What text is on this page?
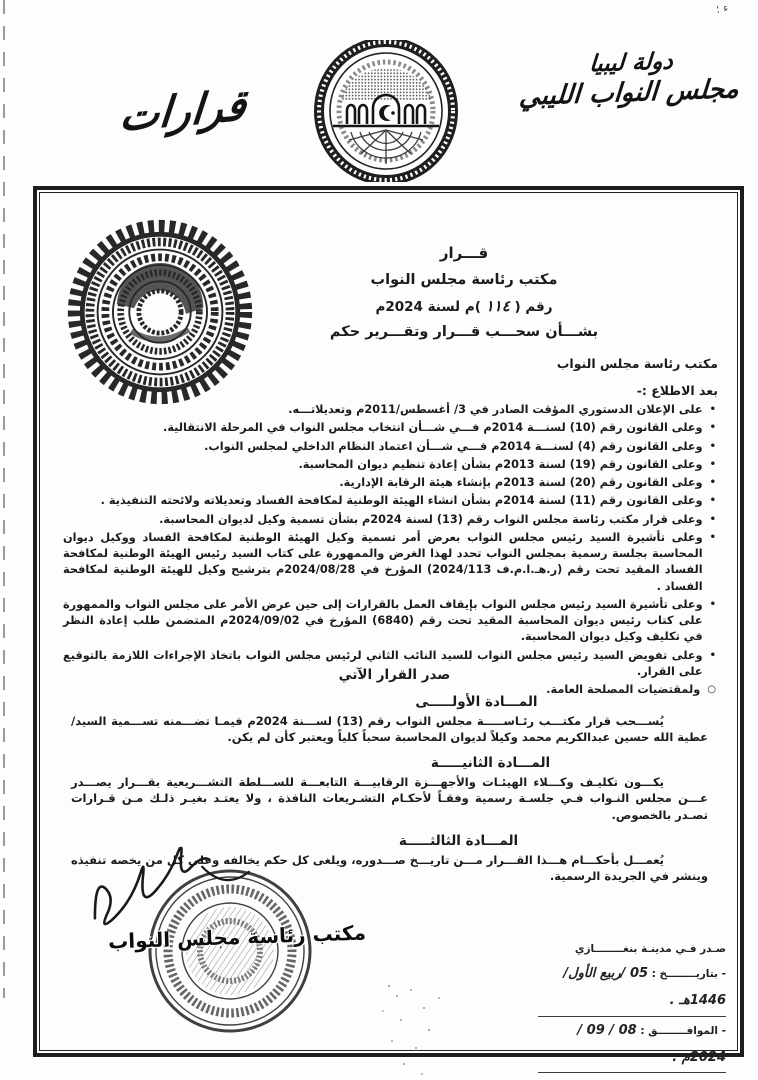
ء ؛
قرارات
دولة ليبيا
مجلس النواب الليبي
قـــرار
مكتب رئاسة مجلس النواب
رقم ( ١١٤ )م لسنة 2024م
بشـــأن سحـــب قـــرار وتقـــرير حكم
مكتب رئاسة مجلس النواب
بعد الاطلاع :-
•
على الإعلان الدستوري المؤقت الصادر في 3/ أغسطس/2011م وتعديلاتـــه.
•
وعلى القانون رقم (10) لسنـــة 2014م فـــي شـــأن انتخاب مجلس النواب في المرحلة الانتقالية.
•
وعلى القانون رقم (4) لسنـــة 2014م فـــي شـــأن اعتماد النظام الداخلي لمجلس النواب.
•
وعلى القانون رقم (19) لسنة 2013م بشأن إعادة تنظيم ديوان المحاسبة.
•
وعلى القانون رقم (20) لسنة 2013م بإنشاء هيئة الرقابة الإدارية.
•
وعلى القانون رقم (11) لسنة 2014م بشأن انشاء الهيئة الوطنية لمكافحة الفساد وتعديلاته ولائحته التنفيذية .
•
وعلى قرار مكتب رئاسة مجلس النواب رقم (13) لسنة 2024م بشأن تسمية وكيل لديوان المحاسبة.
•
وعلى تأشيرة السيد رئيس مجلس النواب بعرض أمر تسمية وكيل الهيئة الوطنية لمكافحة الفساد ووكيل ديوان المحاسبة بجلسة رسمية بمجلس النواب تحدد لهذا الغرض والممهورة على كتاب السيد رئيس الهيئة الوطنية لمكافحة الفساد المقيد تحت رقم (ر.هـ.ا.م.ف 2024/113) المؤرخ في 2024/08/28م بترشيح وكيل للهيئة الوطنية لمكافحة الفساد .
•
وعلى تأشيرة السيد رئيس مجلس النواب بإيقاف العمل بالقرارات إلى حين عرض الأمر على مجلس النواب والممهورة على كتاب رئيس ديوان المحاسبة المقيد تحت رقم (6840) المؤرخ في 2024/09/02م المتضمن طلب إعادة النظر في تكليف وكيل ديوان المحاسبة.
•
وعلى تفويض السيد رئيس مجلس النواب للسيد النائب الثاني لرئيس مجلس النواب باتخاذ الإجراءات اللازمة بالتوقيع على القرار.
○
ولمقتضيات المصلحة العامة.
صدر القرار الآتي
المـــادة الأولـــــى
يُســـحب قرار مكتـــب رئـاســـــة مجلس النواب رقم (13) لســـنة 2024م فيمـا تضـــمنه تســـمية السيد/ عطية الله حسين عبدالكريم محمد وكيلاً لديوان المحاسبة سحباً كلياً ويعتبر كأن لم يكن.
المـــادة الثانيـــــة
يكـــون تكليـف وكـــلاء الهيئـات والأجهـــزة الرقابيـــة التابعـــة للســـلطة التشـــريعية بقـــرار يصـــدر عـــن مجلس النـواب فـي جلسـة رسمية وفقـاً لأحكـام التشـريعات النافذة ، ولا يعتـد بغيـر ذلـك مـن قـرارات تصـدر بالخصوص.
المـــادة الثالثـــــة
يُعمـــل بأحكـــام هـــذا القـــرار مـــن تاريـــخ صـــدوره، ويلغى كل حكم يخالفه وعلى كل من يخصه تنفيذه وينشر في الجريدة الرسمية.
مكتب رئاسة مجلس النواب	صـدر فـي مدينـة بنغــــــــازي
- بتاريــــــــخ : 05 /ربيع الأول/ 1446هـ .
- الموافــــــــق : 08 / 09 / 2024م .
